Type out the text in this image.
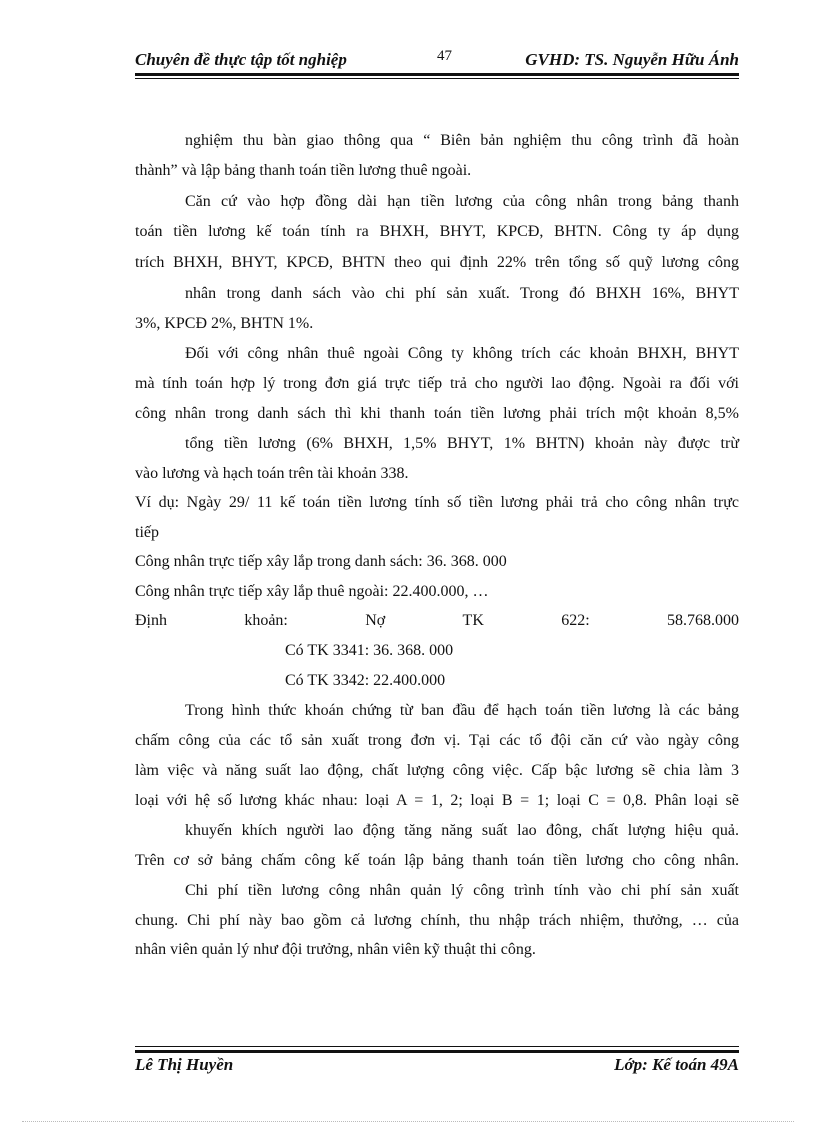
Chuyên đề thực tập tốt nghiệp	47	GVHD: TS. Nguyễn Hữu Ánh
nghiệm thu bàn giao thông qua “ Biên bản nghiệm thu công trình đã hoàn
thành” và lập bảng thanh toán tiền lương thuê ngoài.
Căn cứ vào hợp đồng dài hạn tiền lương của công nhân trong bảng thanh
toán tiền lương kế toán tính ra BHXH, BHYT, KPCĐ, BHTN. Công ty áp dụng
trích BHXH, BHYT, KPCĐ, BHTN theo qui định 22% trên tổng số quỹ lương công
nhân trong danh sách vào chi phí sản xuất. Trong đó BHXH 16%, BHYT
3%, KPCĐ 2%, BHTN 1%.
Đối với công nhân thuê ngoài Công ty không trích các khoản BHXH, BHYT
mà tính toán hợp lý trong đơn giá trực tiếp trả cho người lao động. Ngoài ra đối với
công nhân trong danh sách thì khi thanh toán tiền lương phải trích một khoản 8,5%
tổng tiền lương (6% BHXH, 1,5% BHYT, 1% BHTN) khoản này được trừ
vào lương và hạch toán trên tài khoản 338.
Ví dụ: Ngày 29/ 11 kế toán tiền lương tính số tiền lương phải trả cho công nhân trực
tiếp
Công nhân trực tiếp xây lắp trong danh sách: 36. 368. 000
Công nhân trực tiếp xây lắp thuê ngoài: 22.400.000, …
Định	khoản:	Nợ	TK	622:	58.768.000
Có TK 3341: 36. 368. 000
Có TK 3342: 22.400.000
Trong hình thức khoán chứng từ ban đầu để hạch toán tiền lương là các bảng
chấm công của các tổ sản xuất trong đơn vị. Tại các tổ đội căn cứ vào ngày công
làm việc và năng suất lao động, chất lượng công việc. Cấp bậc lương sẽ chia làm 3
loại với hệ số lương khác nhau: loại A = 1, 2; loại B = 1; loại C = 0,8. Phân loại sẽ
khuyến khích người lao động tăng năng suất lao đông, chất lượng hiệu quả.
Trên cơ sở bảng chấm công kế toán lập bảng thanh toán tiền lương cho công nhân.
Chi phí tiền lương công nhân quản lý công trình tính vào chi phí sản xuất
chung. Chi phí này bao gồm cả lương chính, thu nhập trách nhiệm, thưởng, … của
nhân viên quản lý như đội trưởng, nhân viên kỹ thuật thi công.
Lê Thị Huyền	Lớp: Kế toán 49A
